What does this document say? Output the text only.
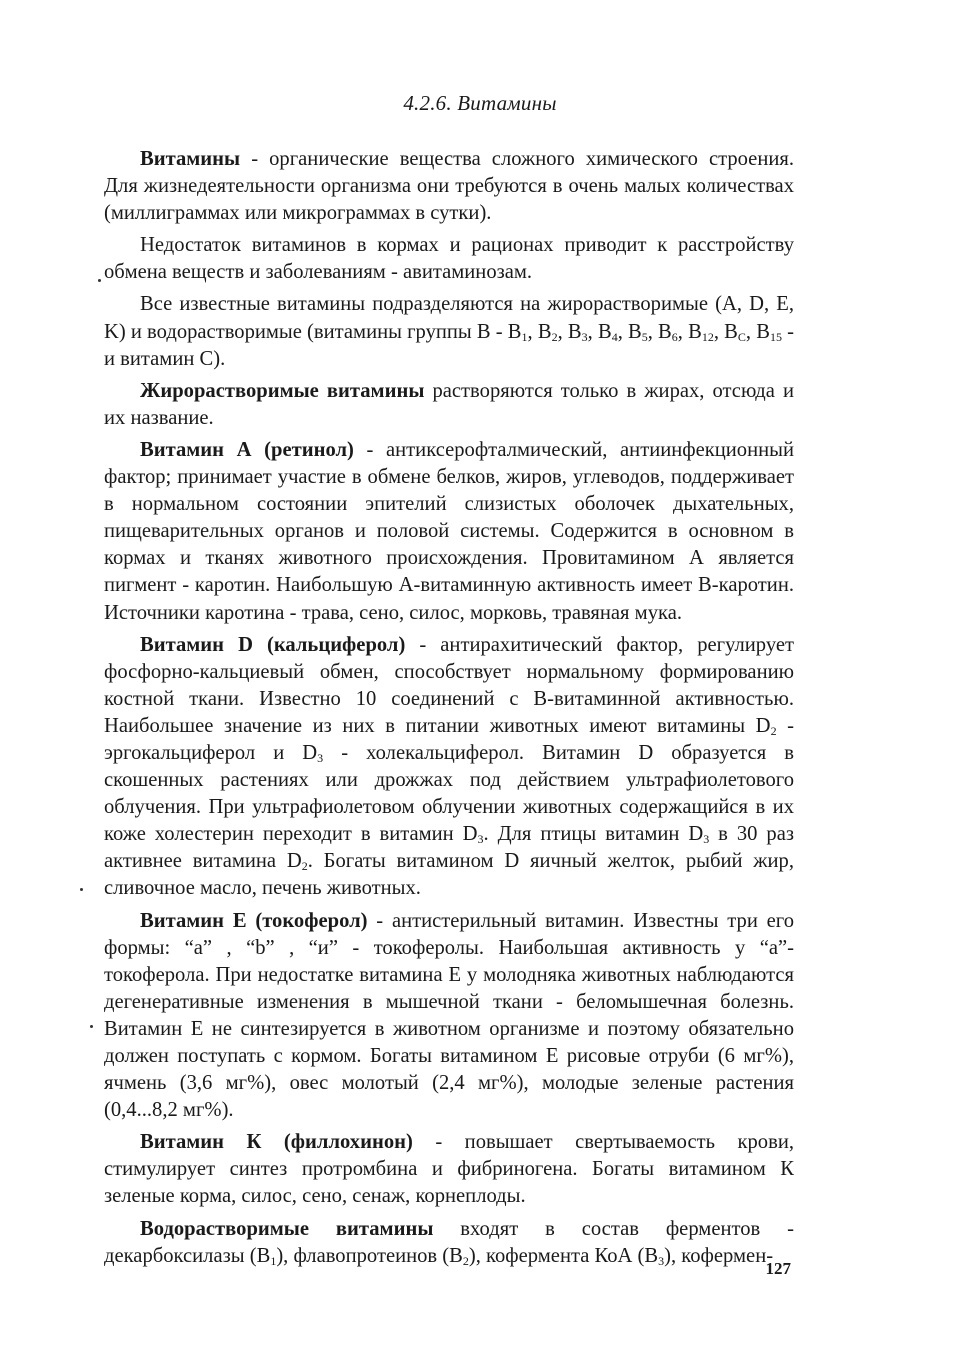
4.2.6. Витамины

Витамины - органические вещества сложного химического строения. Для жизнедеятельности организма они требуются в очень малых количествах (миллиграммах или микрограммах в сутки).

Недостаток витаминов в кормах и рационах приводит к расстройству обмена веществ и заболеваниям - авитаминозам.

Все известные витамины подразделяются на жирорастворимые (A, D, E, K) и водорастворимые (витамины группы B - $B_1$, $B_2$, $B_3$, $B_4$, $B_5$, $B_6$, $B_{12}$, $B_C$, $B_{15}$ - и витамин C).

Жирорастворимые витамины растворяются только в жирах, отсюда и их название.

Витамин А (ретинол) - антиксерофталмический, антиинфекционный фактор; принимает участие в обмене белков, жиров, углеводов, поддерживает в нормальном состоянии эпителий слизистых оболочек дыхательных, пищеварительных органов и половой системы. Содержится в основном в кормах и тканях животного происхождения. Провитамином А является пигмент - каротин. Наибольшую А-витаминную активность имеет В-каротин. Источники каротина - трава, сено, силос, морковь, травяная мука.

Витамин D (кальциферол) - антирахитический фактор, регулирует фосфорно-кальциевый обмен, способствует нормальному формированию костной ткани. Известно 10 соединений с В-витаминной активностью. Наибольшее значение из них в питании животных имеют витамины $D_2$ - эргокальциферол и $D_3$ - холекальциферол. Витамин D образуется в скошенных растениях или дрожжах под действием ультрафиолетового облучения. При ультрафиолетовом облучении животных содержащийся в их коже холестерин переходит в витамин $D_3$. Для птицы витамин $D_3$ в 30 раз активнее витамина $D_2$. Богаты витамином D яичный желток, рыбий жир, сливочное масло, печень животных.

Витамин Е (токоферол) - антистерильный витамин. Известны три его формы: “а” , “b” , “и” - токоферолы. Наибольшая активность у “а”-токоферола. При недостатке витамина Е у молодняка животных наблюдаются дегенеративные изменения в мышечной ткани - беломышечная болезнь. Витамин Е не синтезируется в животном организме и поэтому обязательно должен поступать с кормом. Богаты витамином Е рисовые отруби (6 мг%), ячмень (3,6 мг%), овес молотый (2,4 мг%), молодые зеленые растения (0,4...8,2 мг%).

Витамин К (филлохинон) - повышает свертываемость крови, стимулирует синтез протромбина и фибриногена. Богаты витамином К зеленые корма, силос, сено, сенаж, корнеплоды.

Водорастворимые витамины входят в состав ферментов - декарбоксилазы $(B_1)$, флавопротеинов $(B_2)$, кофермента КоА $(B_3)$, кофермен-

127
